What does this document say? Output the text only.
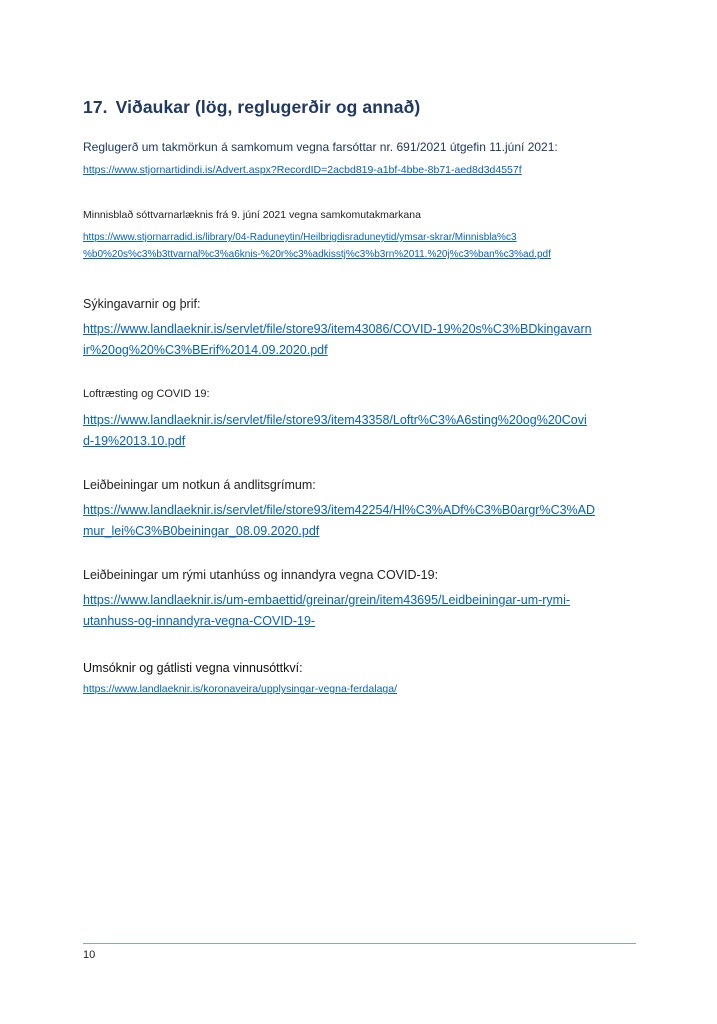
17. Viðaukar (lög, reglugerðir og annað)
Reglugerð um takmörkun á samkomum vegna farsóttar nr. 691/2021 útgefin 11.júní 2021:
https://www.stjornartidindi.is/Advert.aspx?RecordID=2acbd819-a1bf-4bbe-8b71-aed8d3d4557f
Minnisblað sóttvarnarlæknis frá 9. júní 2021 vegna samkomutakmarkana
https://www.stjornarradid.is/library/04-Raduneytin/Heilbrigdisraduneytid/ymsar-skrar/Minnisbla%c3
%b0%20s%c3%b3ttvarnal%c3%a6knis-%20r%c3%adkisstj%c3%b3rn%2011.%20j%c3%ban%c3%ad.pdf
Sýkingavarnir og þrif:
https://www.landlaeknir.is/servlet/file/store93/item43086/COVID-19%20s%C3%BDkingavarn
ir%20og%20%C3%BErif%2014.09.2020.pdf
Loftræsting og COVID 19:
https://www.landlaeknir.is/servlet/file/store93/item43358/Loftr%C3%A6sting%20og%20Covi
d-19%2013.10.pdf
Leiðbeiningar um notkun á andlitsgrímum:
https://www.landlaeknir.is/servlet/file/store93/item42254/Hl%C3%ADf%C3%B0argr%C3%AD
mur_lei%C3%B0beiningar_08.09.2020.pdf
Leiðbeiningar um rými utanhúss og innandyra vegna COVID-19:
https://www.landlaeknir.is/um-embaettid/greinar/grein/item43695/Leidbeiningar-um-rymi-
utanhuss-og-innandyra-vegna-COVID-19-
Umsóknir og gátlisti vegna vinnusóttkví:
https://www.landlaeknir.is/koronaveira/upplysingar-vegna-ferdalaga/
10
